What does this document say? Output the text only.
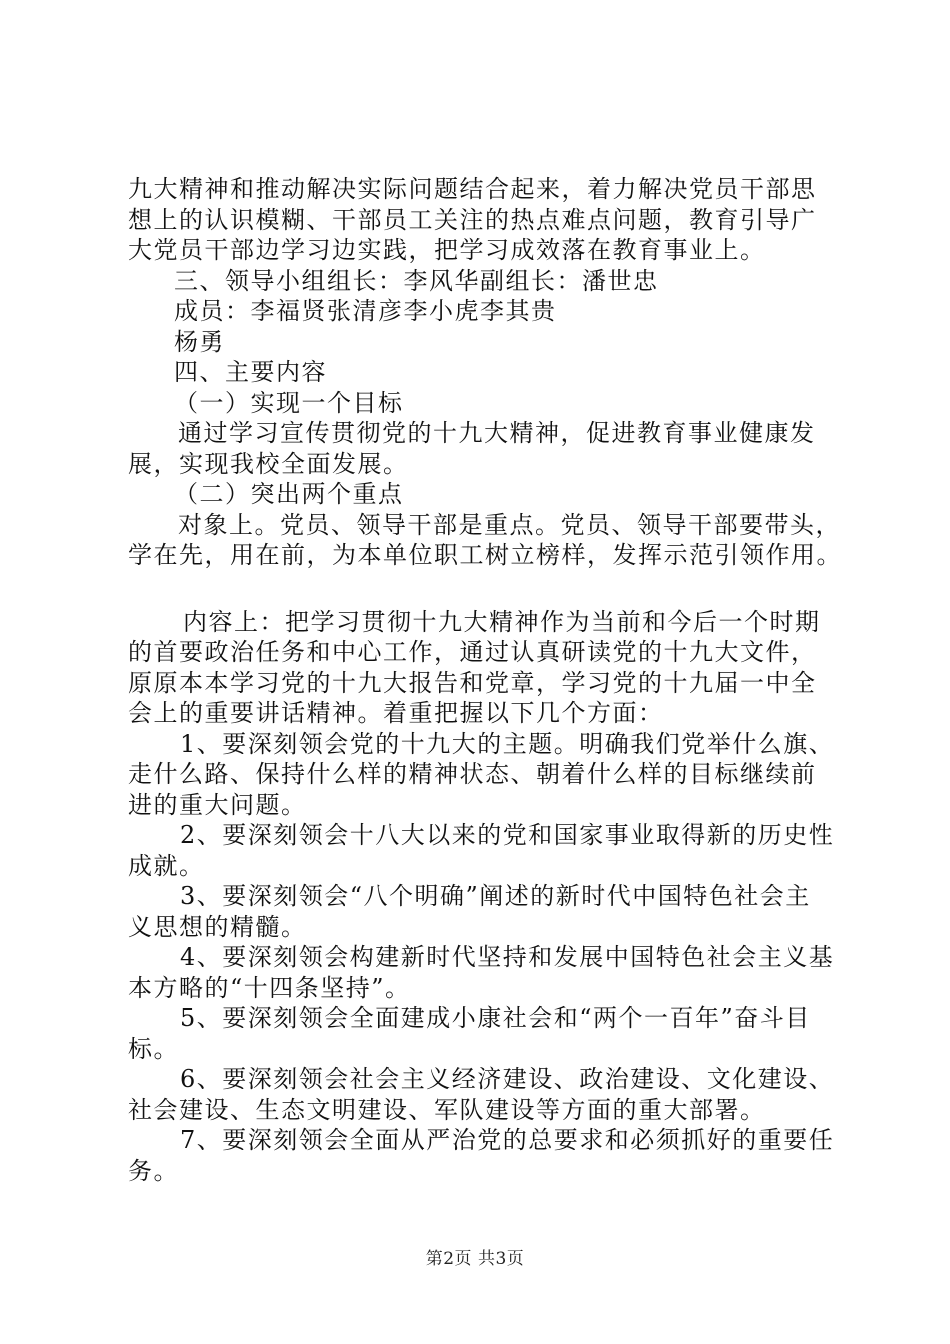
九大精神和推动解决实际问题结合起来，着力解决党员干部思
想上的认识模糊、干部员工关注的热点难点问题，教育引导广
大党员干部边学习边实践，把学习成效落在教育事业上。
三、领导小组组长：李风华副组长：潘世忠
成员：李福贤张清彦李小虎李其贵
杨勇
四、主要内容
（一）实现一个目标
通过学习宣传贯彻党的十九大精神，促进教育事业健康发
展，实现我校全面发展。
（二）突出两个重点
对象上。党员、领导干部是重点。党员、领导干部要带头，
学在先，用在前，为本单位职工树立榜样，发挥示范引领作用。
内容上：把学习贯彻十九大精神作为当前和今后一个时期
的首要政治任务和中心工作，通过认真研读党的十九大文件，
原原本本学习党的十九大报告和党章，学习党的十九届一中全
会上的重要讲话精神。着重把握以下几个方面：
1、要深刻领会党的十九大的主题。明确我们党举什么旗、
走什么路、保持什么样的精神状态、朝着什么样的目标继续前
进的重大问题。
2、要深刻领会十八大以来的党和国家事业取得新的历史性
成就。
3、要深刻领会“八个明确”阐述的新时代中国特色社会主
义思想的精髓。
4、要深刻领会构建新时代坚持和发展中国特色社会主义基
本方略的“十四条坚持”。
5、要深刻领会全面建成小康社会和“两个一百年”奋斗目
标。
6、要深刻领会社会主义经济建设、政治建设、文化建设、
社会建设、生态文明建设、军队建设等方面的重大部署。
7、要深刻领会全面从严治党的总要求和必须抓好的重要任
务。
第2页 共3页
